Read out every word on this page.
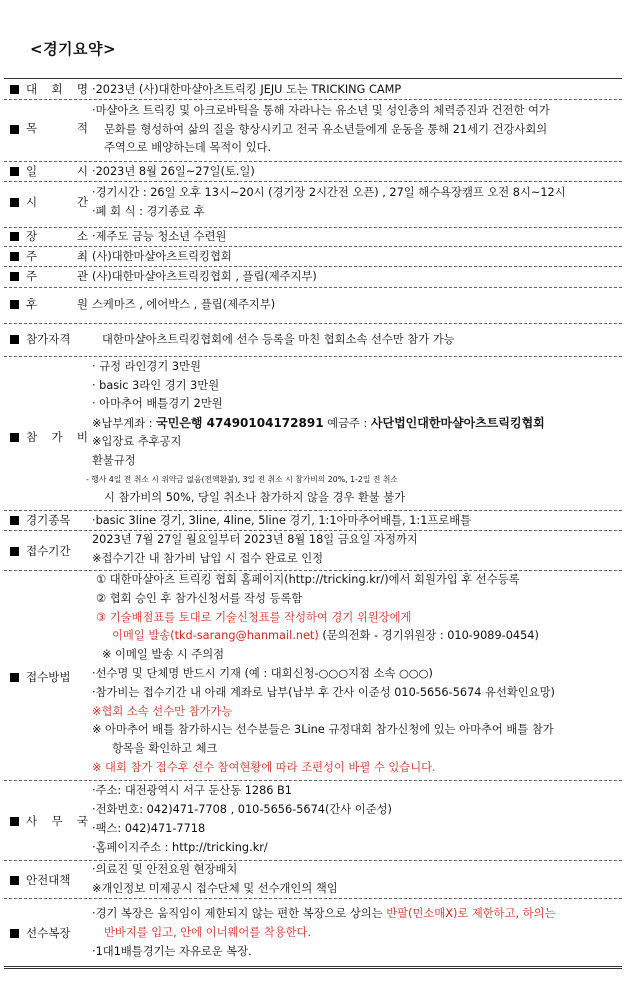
<경기요약>
대 회 명 ·2023년 (사)대한마샬아츠트릭킹 JEJU 도는 TRICKING CAMP
목 적
·마샬아츠 트릭킹 및 아크로바틱을 통해 자라나는 유소년 및 성인층의 체력증진과 건전한 여가
문화를 형성하여 삶의 질을 향상시키고 전국 유소년들에게 운동을 통해 21세기 건강사회의
주역으로 배양하는데 목적이 있다.
일 시 ·2023년 8월 26일~27일(토.일)
시 간
·경기시간 : 26일 오후 13시~20시 (경기장 2시간전 오픈) , 27일 해수욕장캠프 오전 8시~12시
·폐 회 식 : 경기종료 후
장 소 ·제주도 금능 청소년 수련원
주 최 (사)대한마샬아츠트릭킹협회
주 관 (사)대한마샬아츠트릭킹협회 , 플립(제주지부)
후 원 스케마즈 , 에어박스 , 플립(제주지부)
참가자격	대한마샬아츠트릭킹협회에 선수 등록을 마친 협회소속 선수만 참가 가능
참 가 비
· 규정 라인경기 3만원
· basic 3라인 경기 3만원
· 아마추어 배틀경기 2만원
※납부계좌 : 국민은행 47490104172891 예금주 : 사단법인대한마샬아츠트릭킹협회
※입장료 추후공지
환불규정
- 행사 4일 전 취소 시 위약금 없음(전액환불), 3일 전 취소 시 참가비의 20%, 1-2일 전 취소
시 참가비의 50%, 당일 취소나 참가하지 않을 경우 환불 불가
경기종목	·basic 3line 경기, 3line, 4line, 5line 경기, 1:1아마추어배틀, 1:1프로배틀
접수기간
2023년 7월 27일 월요일부터 2023년 8월 18일 금요일 자정까지
※접수기간 내 참가비 납입 시 접수 완료로 인정
접수방법
① 대한마샬아츠 트릭킹 협회 홈페이지(http://tricking.kr/)에서 회원가입 후 선수등록
② 협회 승인 후 참가신청서를 작성 등록함
③ 기술배점표를 토대로 기술신청표를 작성하여 경기 위원장에게
이메일 발송(tkd-sarang@hanmail.net) (문의전화 - 경기위원장 : 010-9089-0454)
※ 이메일 발송 시 주의점
·선수명 및 단체명 반드시 기재 (예 : 대회신청-○○○지점 소속 ○○○)
·참가비는 접수기간 내 아래 계좌로 납부(납부 후 간사 이준성 010-5656-5674 유선확인요망)
※협회 소속 선수만 참가가능
※ 아마추어 배틀 참가하시는 선수분들은 3Line 규정대회 참가신청에 있는 아마추어 배틀 참가
항목을 확인하고 체크
※ 대회 참가 접수후 선수 참여현황에 따라 조편성이 바뀔 수 있습니다.
사 무 국
·주소: 대전광역시 서구 둔산동 1286 B1
·전화번호: 042)471-7708 , 010-5656-5674(간사 이준성)
·팩스: 042)471-7718
·홈페이지주소 : http://tricking.kr/
안전대책
·의료진 및 안전요원 현장배치
※개인정보 미제공시 접수단체 및 선수개인의 책임
선수복장
·경기 복장은 움직임이 제한되지 않는 편한 복장으로 상의는 반팔(민소매X)로 제한하고, 하의는
반바지를 입고, 안에 이너웨어를 착용한다.
·1대1배틀경기는 자유로운 복장.
